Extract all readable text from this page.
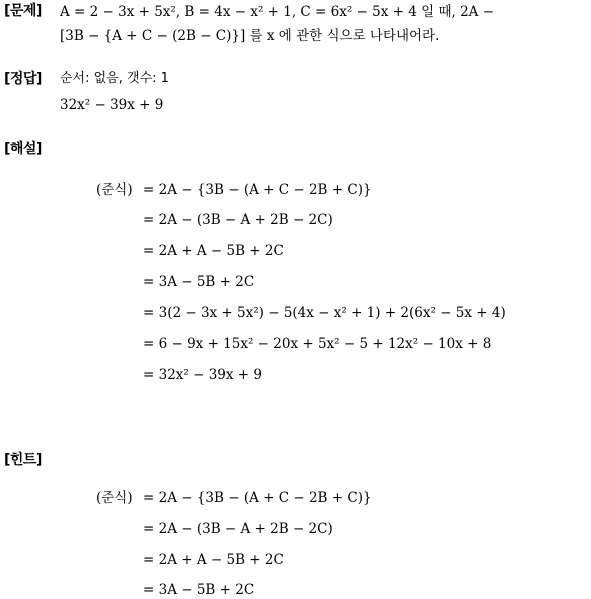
[문제] A = 2 − 3x + 5x², B = 4x − x² + 1, C = 6x² − 5x + 4 일 때, 2A −
[3B − {A + C − (2B − C)}] 를 x 에 관한 식으로 나타내어라.
[정답] 순서: 없음, 갯수: 1
32x² − 39x + 9
[해설]
(준식) = 2A − {3B − (A + C − 2B + C)}
= 2A − (3B − A + 2B − 2C)
= 2A + A − 5B + 2C
= 3A − 5B + 2C
= 3(2 − 3x + 5x²) − 5(4x − x² + 1) + 2(6x² − 5x + 4)
= 6 − 9x + 15x² − 20x + 5x² − 5 + 12x² − 10x + 8
= 32x² − 39x + 9
[힌트]
(준식) = 2A − {3B − (A + C − 2B + C)}
= 2A − (3B − A + 2B − 2C)
= 2A + A − 5B + 2C
= 3A − 5B + 2C
